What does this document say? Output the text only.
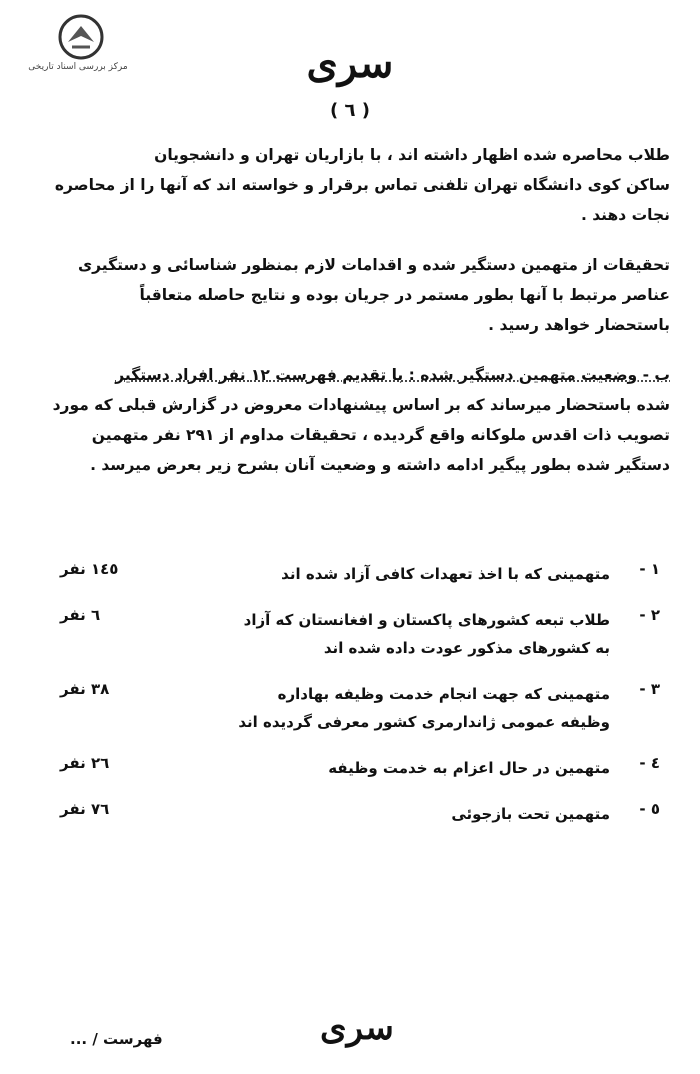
مرکز بررسی اسناد تاریخی	سری
( ٦ )
طلاب محاصره شده اظهار داشته اند ، با بازاریان تهران و دانشجویان
ساکن کوی دانشگاه تهران تلفنی تماس برقرار و خواسته اند که آنها را از محاصره
نجات دهند .
تحقیقات از متهمین دستگیر شده و اقدامات لازم بمنظور شناسائی و دستگیری
عناصر مرتبط با آنها بطور مستمر در جریان بوده و نتایج حاصله متعاقباً
باستحضار خواهد رسید .
ب - وضعیت متهمین دستگیر شده : با تقدیم فهرست ١٢ نفر افراد دستگیر
شده باستحضار میرساند که بر اساس پیشنهادات معروض در گزارش قبلی که مورد
تصویب ذات اقدس ملوکانه واقع گردیده ، تحقیقات مداوم از ٢٩١ نفر متهمین
دستگیر شده بطور پیگیر ادامه داشته و وضعیت آنان بشرح زیر بعرض میرسد .
١ -
متهمینی که با اخذ تعهدات کافی آزاد شده اند
١٤٥ نفر
٢ -
طلاب تبعه کشورهای پاکستان و افغانستان که آزاد
به کشورهای مذکور عودت داده شده اند
٦ نفر
٣ -
متهمینی که جهت انجام خدمت وظیفه بهاداره
وظیفه عمومی ژاندارمری کشور معرفی گردیده اند
٣٨ نفر
٤ -
متهمین در حال اعزام به خدمت وظیفه
٢٦ نفر
٥ -
متهمین تحت بازجوئی
٧٦ نفر
سری
فهرست / ...
